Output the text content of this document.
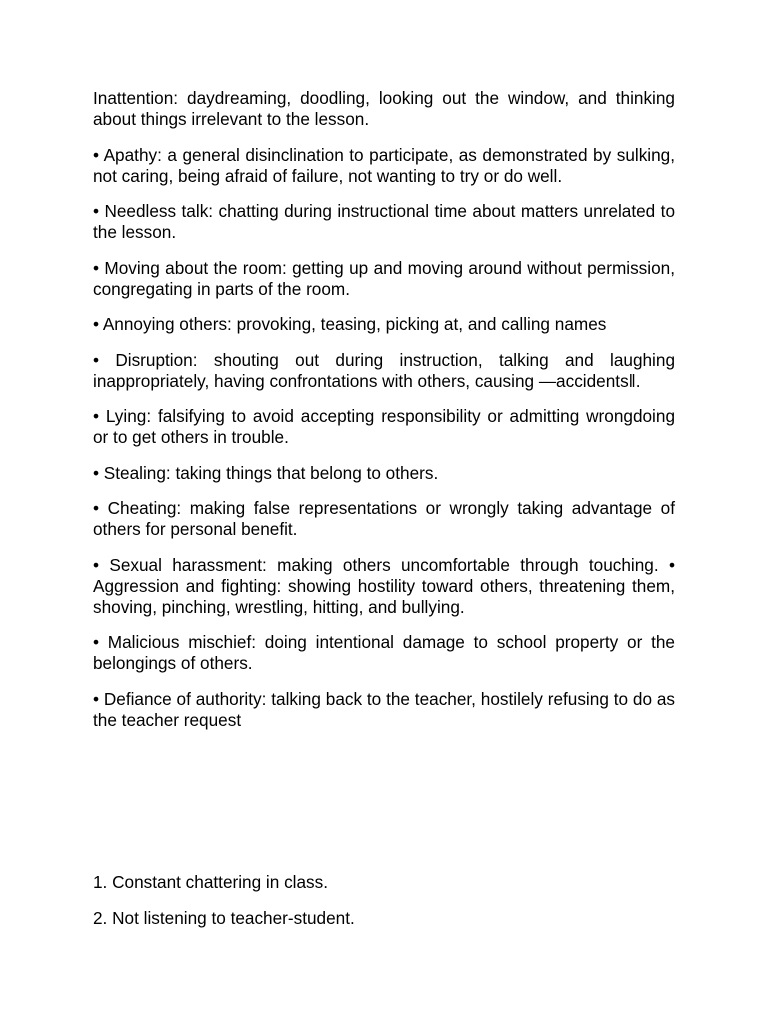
Inattention: daydreaming, doodling, looking out the window, and thinking about things irrelevant to the lesson.

• Apathy: a general disinclination to participate, as demonstrated by sulking, not caring, being afraid of failure, not wanting to try or do well.

• Needless talk: chatting during instructional time about matters unrelated to the lesson.

• Moving about the room: getting up and moving around without permission, congregating in parts of the room.

• Annoying others: provoking, teasing, picking at, and calling names

• Disruption: shouting out during instruction, talking and laughing inappropriately, having confrontations with others, causing ―accidents‖.

• Lying: falsifying to avoid accepting responsibility or admitting wrongdoing or to get others in trouble.

• Stealing: taking things that belong to others.

• Cheating: making false representations or wrongly taking advantage of others for personal benefit.

• Sexual harassment: making others uncomfortable through touching. • Aggression and fighting: showing hostility toward others, threatening them, shoving, pinching, wrestling, hitting, and bullying.

• Malicious mischief: doing intentional damage to school property or the belongings of others.

• Defiance of authority: talking back to the teacher, hostilely refusing to do as the teacher request

1. Constant chattering in class.

2. Not listening to teacher-student.
